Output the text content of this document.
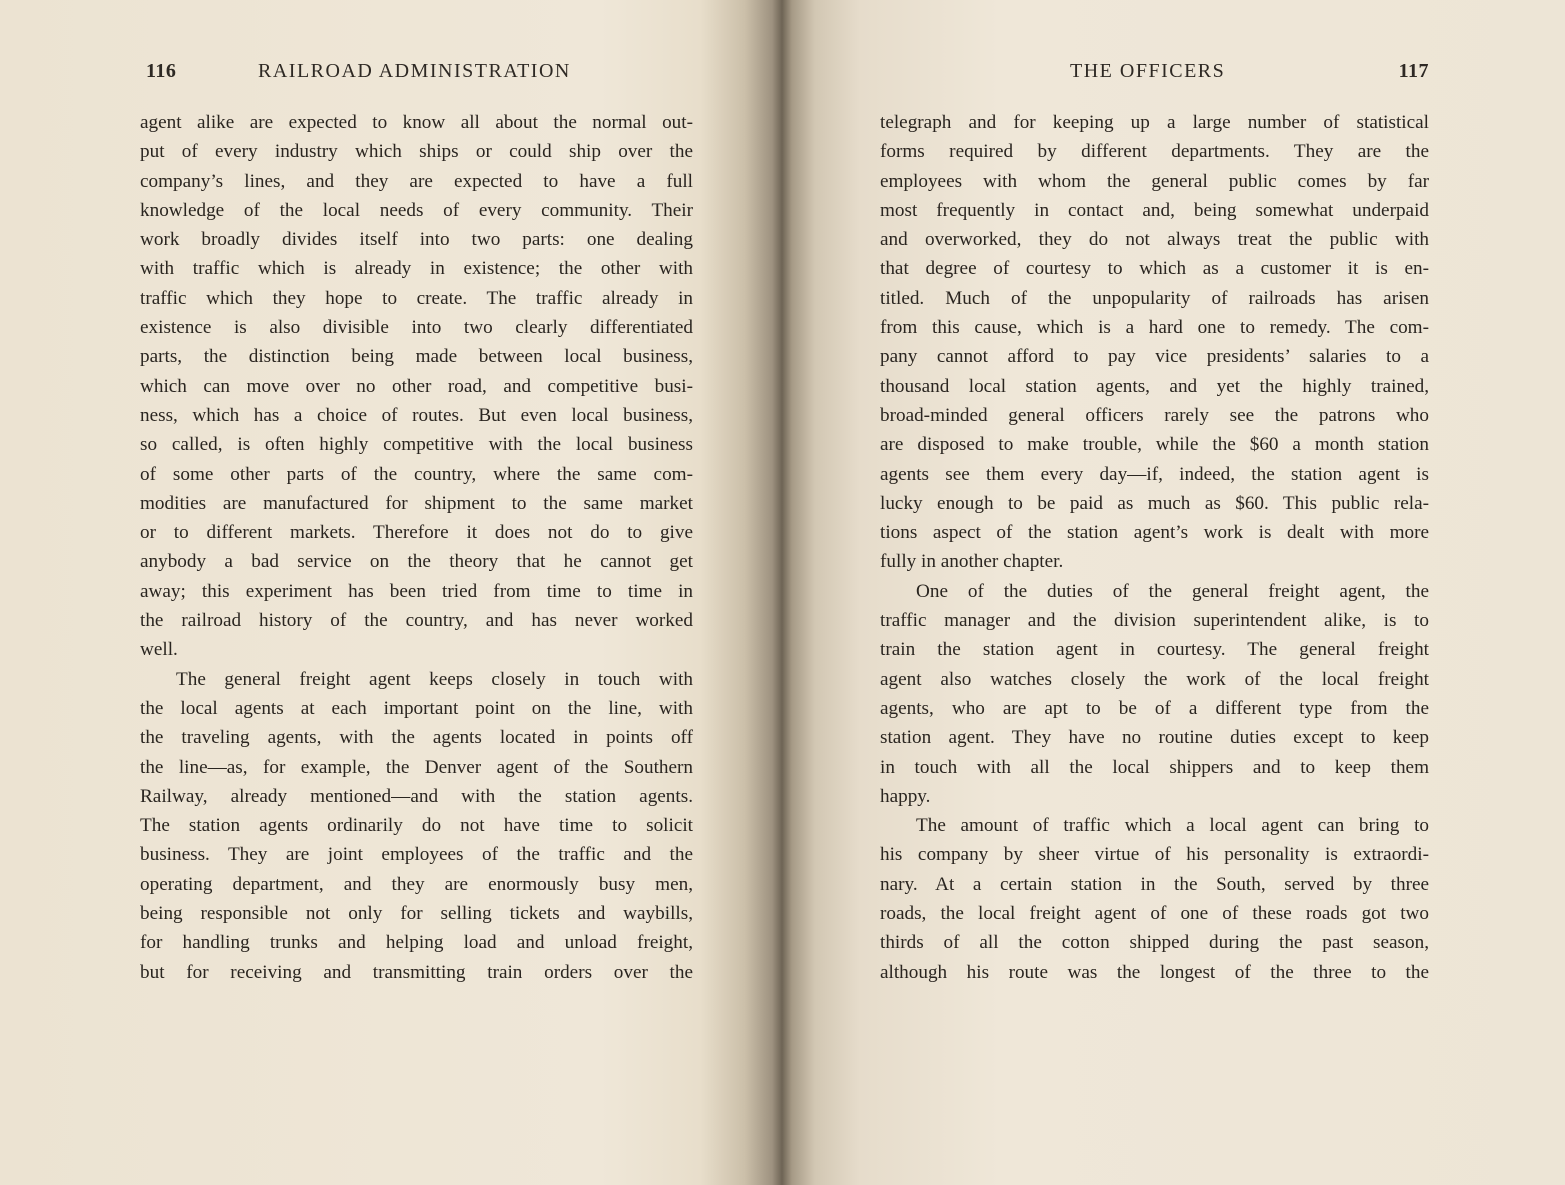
116	RAILROAD ADMINISTRATION
agent alike are expected to know all about the normal out-
put of every industry which ships or could ship over the
company’s lines, and they are expected to have a full
knowledge of the local needs of every community. Their
work broadly divides itself into two parts: one dealing
with traffic which is already in existence; the other with
traffic which they hope to create. The traffic already in
existence is also divisible into two clearly differentiated
parts, the distinction being made between local business,
which can move over no other road, and competitive busi-
ness, which has a choice of routes. But even local business,
so called, is often highly competitive with the local business
of some other parts of the country, where the same com-
modities are manufactured for shipment to the same market
or to different markets. Therefore it does not do to give
anybody a bad service on the theory that he cannot get
away; this experiment has been tried from time to time in
the railroad history of the country, and has never worked
well.
The general freight agent keeps closely in touch with
the local agents at each important point on the line, with
the traveling agents, with the agents located in points off
the line—as, for example, the Denver agent of the Southern
Railway, already mentioned—and with the station agents.
The station agents ordinarily do not have time to solicit
business. They are joint employees of the traffic and the
operating department, and they are enormously busy men,
being responsible not only for selling tickets and waybills,
for handling trunks and helping load and unload freight,
but for receiving and transmitting train orders over the
THE OFFICERS	117
telegraph and for keeping up a large number of statistical
forms required by different departments. They are the
employees with whom the general public comes by far
most frequently in contact and, being somewhat underpaid
and overworked, they do not always treat the public with
that degree of courtesy to which as a customer it is en-
titled. Much of the unpopularity of railroads has arisen
from this cause, which is a hard one to remedy. The com-
pany cannot afford to pay vice presidents’ salaries to a
thousand local station agents, and yet the highly trained,
broad-minded general officers rarely see the patrons who
are disposed to make trouble, while the $60 a month station
agents see them every day—if, indeed, the station agent is
lucky enough to be paid as much as $60. This public rela-
tions aspect of the station agent’s work is dealt with more
fully in another chapter.
One of the duties of the general freight agent, the
traffic manager and the division superintendent alike, is to
train the station agent in courtesy. The general freight
agent also watches closely the work of the local freight
agents, who are apt to be of a different type from the
station agent. They have no routine duties except to keep
in touch with all the local shippers and to keep them
happy.
The amount of traffic which a local agent can bring to
his company by sheer virtue of his personality is extraordi-
nary. At a certain station in the South, served by three
roads, the local freight agent of one of these roads got two
thirds of all the cotton shipped during the past season,
although his route was the longest of the three to the
